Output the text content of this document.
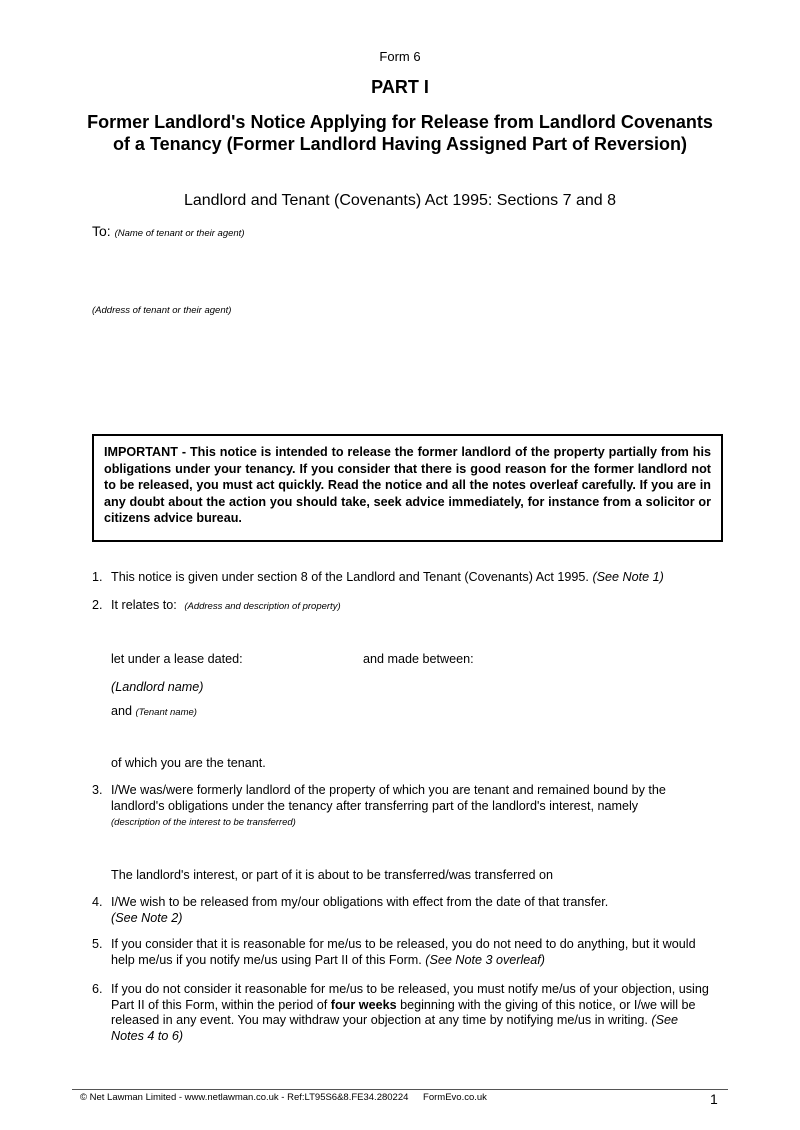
Form 6
PART I
Former Landlord's Notice Applying for Release from Landlord Covenants of a Tenancy (Former Landlord Having Assigned Part of Reversion)
Landlord and Tenant (Covenants) Act 1995: Sections 7 and 8
To: (Name of tenant or their agent)
(Address of tenant or their agent)
IMPORTANT - This notice is intended to release the former landlord of the property partially from his obligations under your tenancy. If you consider that there is good reason for the former landlord not to be released, you must act quickly. Read the notice and all the notes overleaf carefully. If you are in any doubt about the action you should take, seek advice immediately, for instance from a solicitor or citizens advice bureau.
1. This notice is given under section 8 of the Landlord and Tenant (Covenants) Act 1995. (See Note 1)
2. It relates to: (Address and description of property)
let under a lease dated:	and made between:
(Landlord name)
and (Tenant name)
of which you are the tenant.
3. I/We was/were formerly landlord of the property of which you are tenant and remained bound by the landlord's obligations under the tenancy after transferring part of the landlord's interest, namely
(description of the interest to be transferred)
The landlord's interest, or part of it is about to be transferred/was transferred on
4. I/We wish to be released from my/our obligations with effect from the date of that transfer.
(See Note 2)
5. If you consider that it is reasonable for me/us to be released, you do not need to do anything, but it would help me/us if you notify me/us using Part II of this Form. (See Note 3 overleaf)
6. If you do not consider it reasonable for me/us to be released, you must notify me/us of your objection, using Part II of this Form, within the period of four weeks beginning with the giving of this notice, or I/we will be released in any event. You may withdraw your objection at any time by notifying me/us in writing. (See Notes 4 to 6)
© Net Lawman Limited - www.netlawman.co.uk - Ref:LT95S6&8.FE34.280224 FormEvo.co.uk	1
